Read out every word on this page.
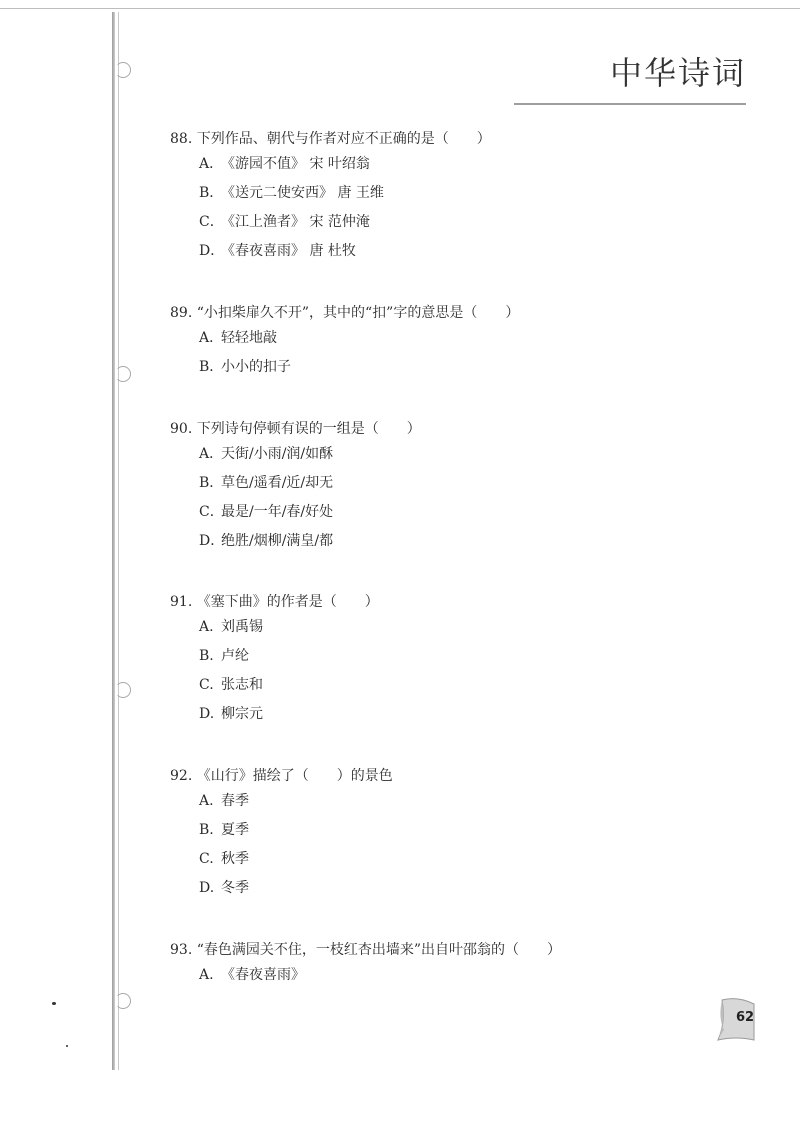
中华诗词
88. 下列作品、朝代与作者对应不正确的是（　　）
A．《游园不值》 宋 叶绍翁
B．《送元二使安西》 唐 王维
C．《江上渔者》 宋 范仲淹
D．《春夜喜雨》 唐 杜牧
89. “小扣柴扉久不开”，其中的“扣”字的意思是（　　）
A．轻轻地敲
B．小小的扣子
90. 下列诗句停顿有误的一组是（　　）
A．天街/小雨/润/如酥
B．草色/遥看/近/却无
C．最是/一年/春/好处
D．绝胜/烟柳/满皇/都
91. 《塞下曲》的作者是（　　）
A. 刘禹锡
B. 卢纶
C. 张志和
D. 柳宗元
92. 《山行》描绘了（　　）的景色
A. 春季
B. 夏季
C. 秋季
D. 冬季
93. “春色满园关不住，一枝红杏出墙来”出自叶邵翁的（　　）
A. 《春夜喜雨》
62
